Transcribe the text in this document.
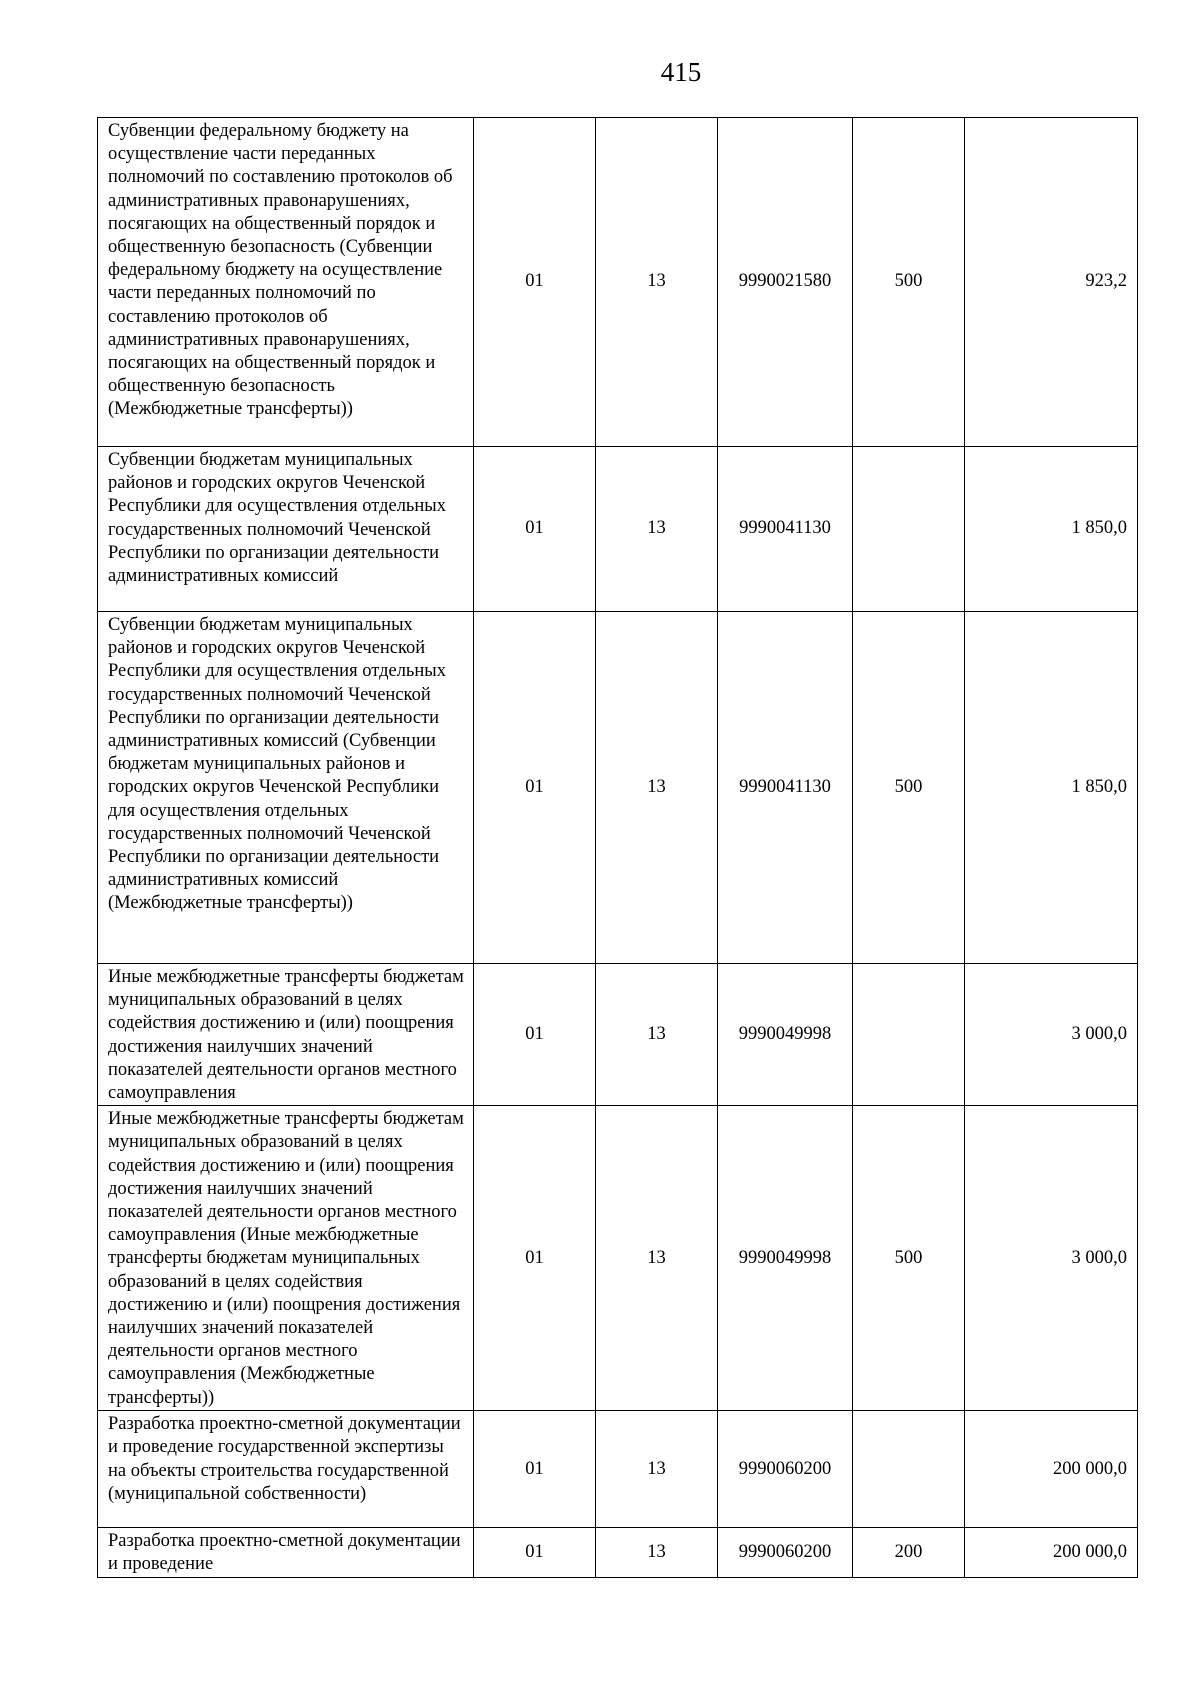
415
Субвенции федеральному бюджету на осуществление части переданных полномочий по составлению протоколов об административных правонарушениях, посягающих на общественный порядок и общественную безопасность (Субвенции федеральному бюджету на осуществление части переданных полномочий по составлению протоколов об административных правонарушениях, посягающих на общественный порядок и общественную безопасность (Межбюджетные трансферты))	01	13	9990021580	500	923,2
Субвенции бюджетам муниципальных районов и городских округов Чеченской Республики для осуществления отдельных государственных полномочий Чеченской Республики по организации деятельности административных комиссий	01	13	9990041130		1 850,0
Субвенции бюджетам муниципальных районов и городских округов Чеченской Республики для осуществления отдельных государственных полномочий Чеченской Республики по организации деятельности административных комиссий (Субвенции бюджетам муниципальных районов и городских округов Чеченской Республики для осуществления отдельных государственных полномочий Чеченской Республики по организации деятельности административных комиссий (Межбюджетные трансферты))	01	13	9990041130	500	1 850,0
Иные межбюджетные трансферты бюджетам муниципальных образований в целях содействия достижению и (или) поощрения достижения наилучших значений показателей деятельности органов местного самоуправления	01	13	9990049998		3 000,0
Иные межбюджетные трансферты бюджетам муниципальных образований в целях содействия достижению и (или) поощрения достижения наилучших значений показателей деятельности органов местного самоуправления (Иные межбюджетные трансферты бюджетам муниципальных образований в целях содействия достижению и (или) поощрения достижения наилучших значений показателей деятельности органов местного самоуправления (Межбюджетные трансферты))	01	13	9990049998	500	3 000,0
Разработка проектно-сметной документации и проведение государственной экспертизы на объекты строительства государственной (муниципальной собственности)	01	13	9990060200		200 000,0
Разработка проектно-сметной документации и проведение	01	13	9990060200	200	200 000,0
